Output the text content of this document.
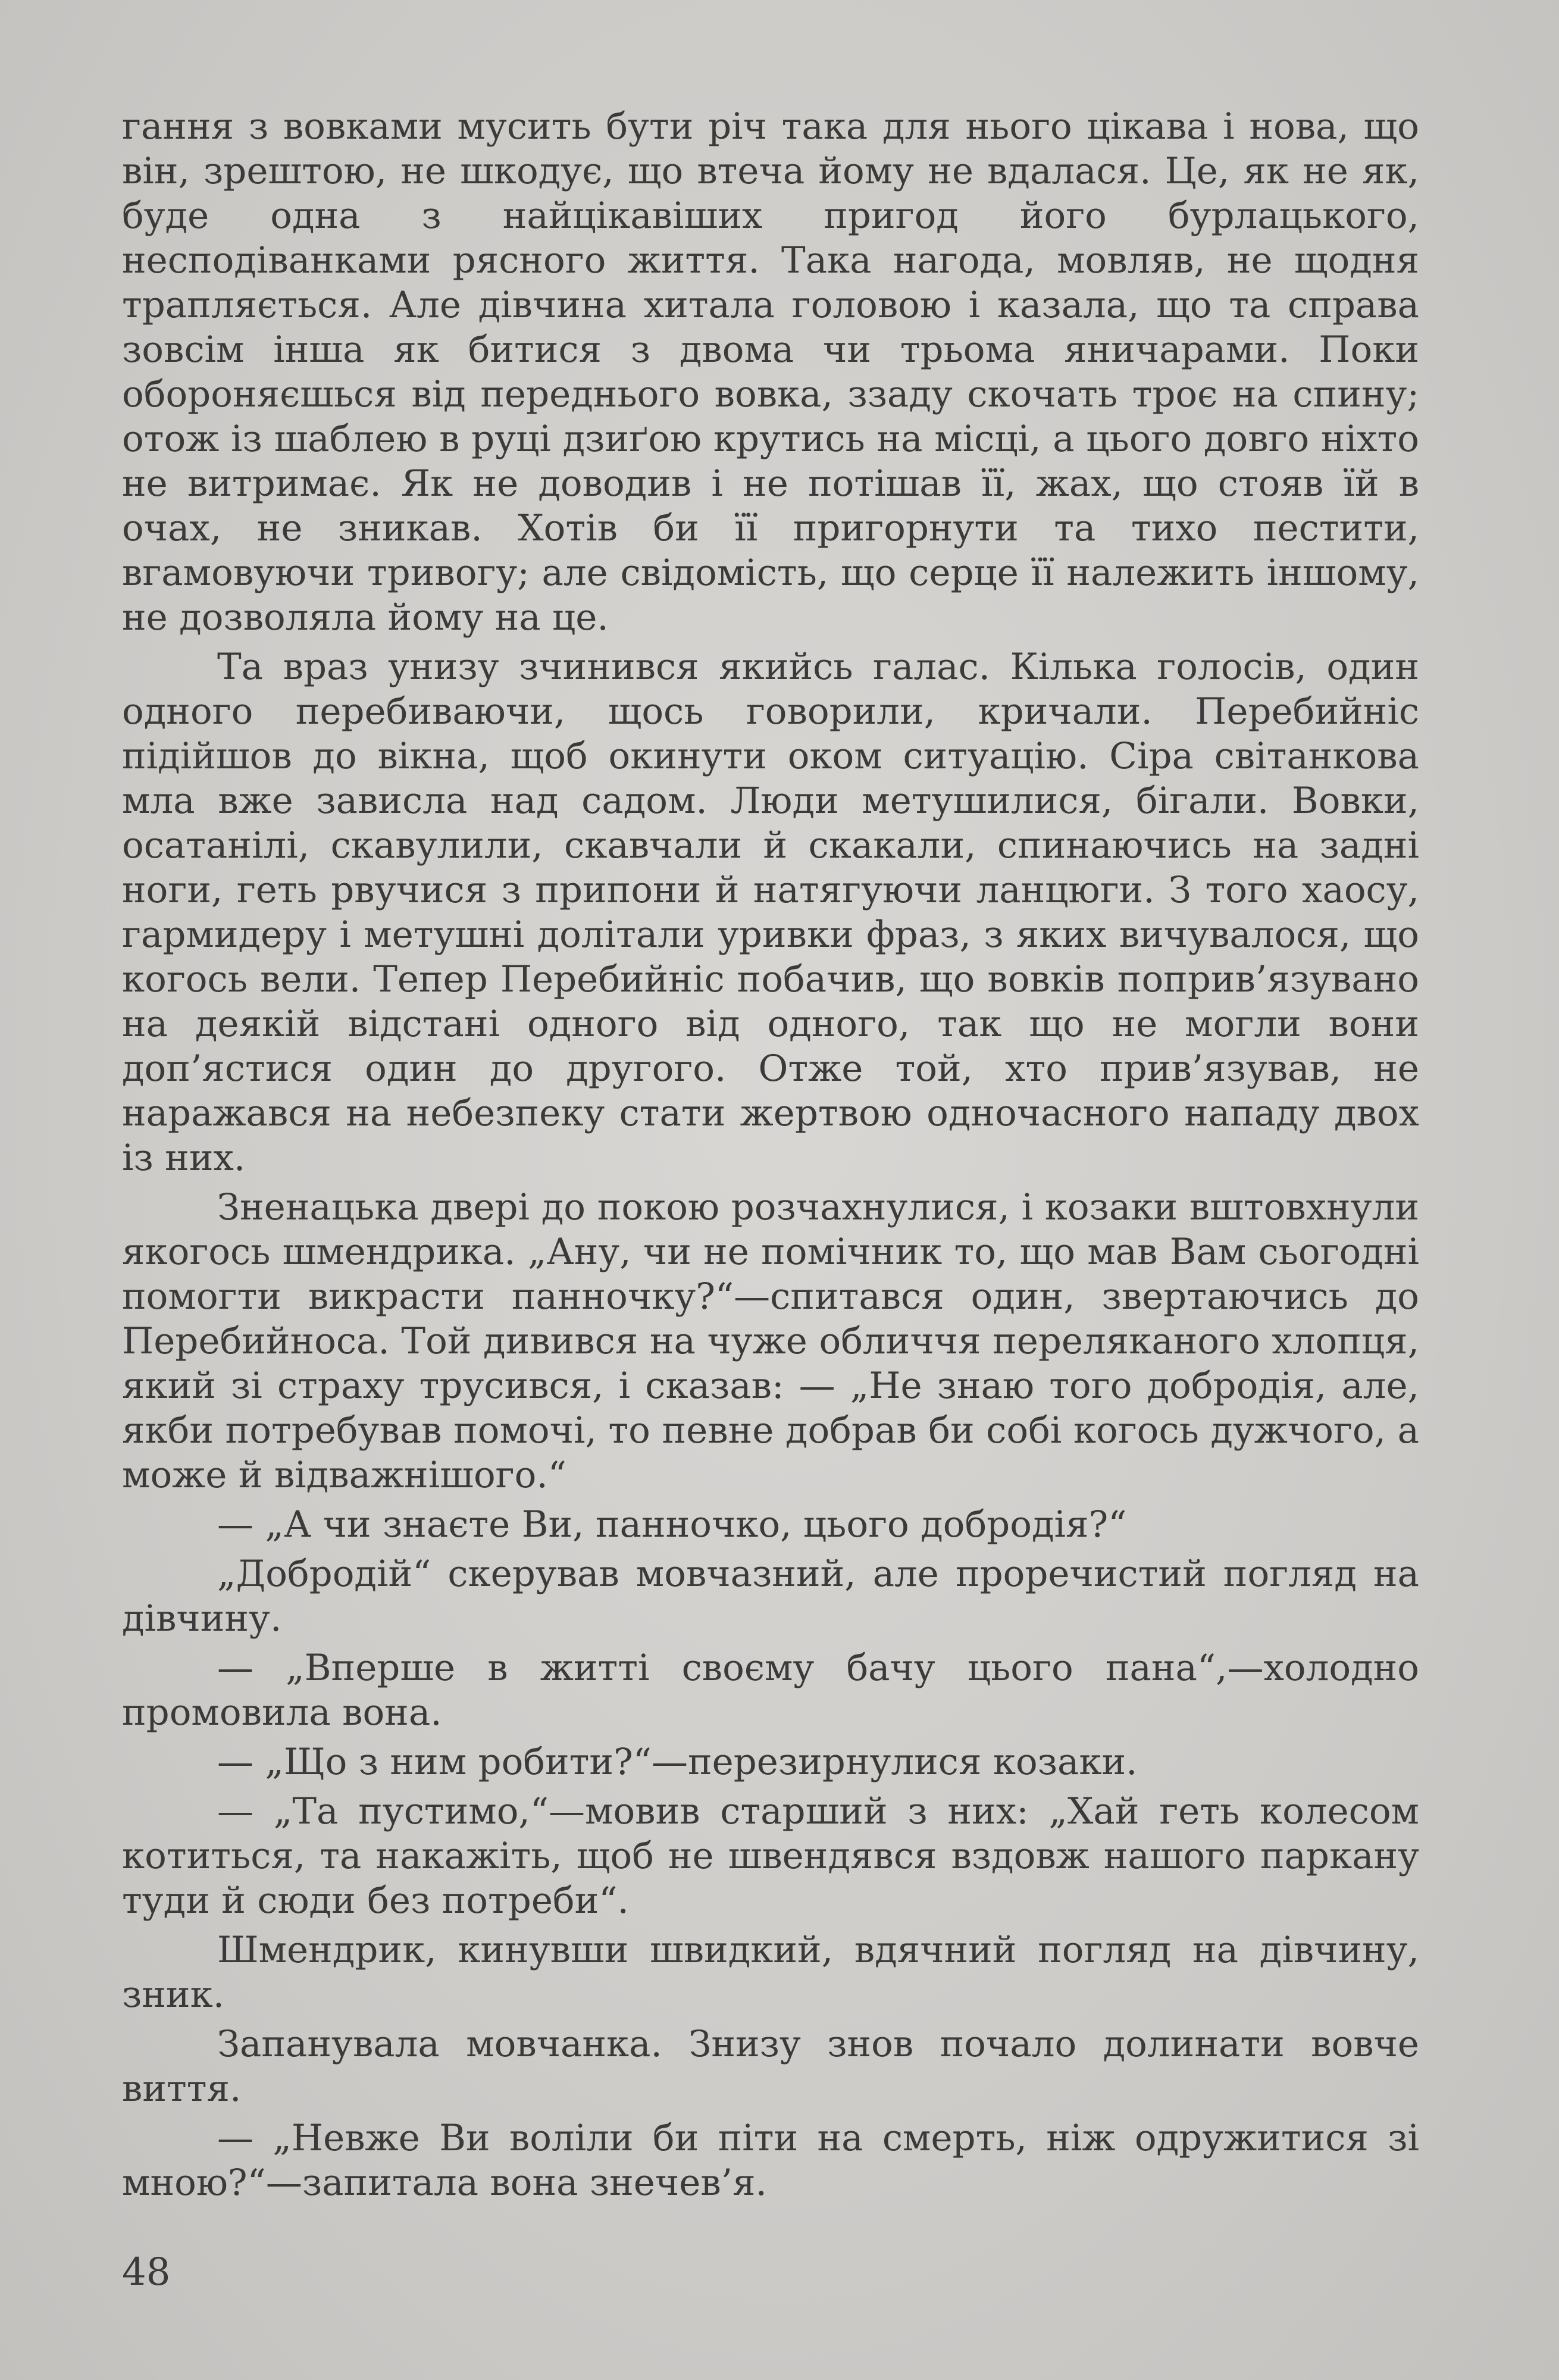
гання з вовками мусить бути річ така для нього цікава і нова, що він, зрештою, не шкодує, що втеча йому не вдалася. Це, як не як, буде одна з найцікавіших пригод його бурлацького, несподіванками рясного життя. Така нагода, мовляв, не щодня трапляється. Але дівчина хитала головою і казала, що та справа зовсім інша як битися з двома чи трьома яничарами. Поки обороняєшься від переднього вовка, ззаду скочать троє на спину; отож із шаблею в руці дзиґою крутись на місці, а цього довго ніхто не витримає. Як не доводив і не потішав її, жах, що стояв їй в очах, не зникав. Хотів би її пригорнути та тихо пестити, вгамовуючи тривогу; але свідомість, що серце її належить іншому, не дозволяла йому на це.

Та враз унизу зчинився якийсь галас. Кілька голосів, один одного перебиваючи, щось говорили, кричали. Перебийніс підійшов до вікна, щоб окинути оком ситуацію. Сіра світанкова мла вже зависла над садом. Люди метушилися, бігали. Вовки, осатанілі, скавулили, скавчали й скакали, спинаючись на задні ноги, геть рвучися з припони й натягуючи ланцюги. З того хаосу, гармидеру і метушні долітали уривки фраз, з яких вичувалося, що когось вели. Тепер Перебийніс побачив, що вовків поприв’язувано на деякій відстані одного від одного, так що не могли вони доп’ястися один до другого. Отже той, хто прив’язував, не наражався на небезпеку стати жертвою одночасного нападу двох із них.

Зненацька двері до покою розчахнулися, і козаки вштовхнули якогось шмендрика. „Ану, чи не помічник то, що мав Вам сьогодні помогти викрасти панночку?“—спитався один, звертаючись до Перебийноса. Той дивився на чуже обличчя переляканого хлопця, який зі страху трусився, і сказав: — „Не знаю того добродія, але, якби потребував помочі, то певне добрав би собі когось дужчого, а може й відважнішого.“

— „А чи знаєте Ви, панночко, цього добродія?“

„Добродій“ скерував мовчазний, але проречистий погляд на дівчину.

— „Вперше в житті своєму бачу цього пана“,—холодно промовила вона.

— „Що з ним робити?“—перезирнулися козаки.

— „Та пустимо,“—мовив старший з них: „Хай геть колесом котиться, та накажіть, щоб не швендявся вздовж нашого паркану туди й сюди без потреби“.

Шмендрик, кинувши швидкий, вдячний погляд на дівчину, зник.

Запанувала мовчанка. Знизу знов почало долинати вовче виття.

— „Невже Ви воліли би піти на смерть, ніж одружитися зі мною?“—запитала вона знечев’я.

48
